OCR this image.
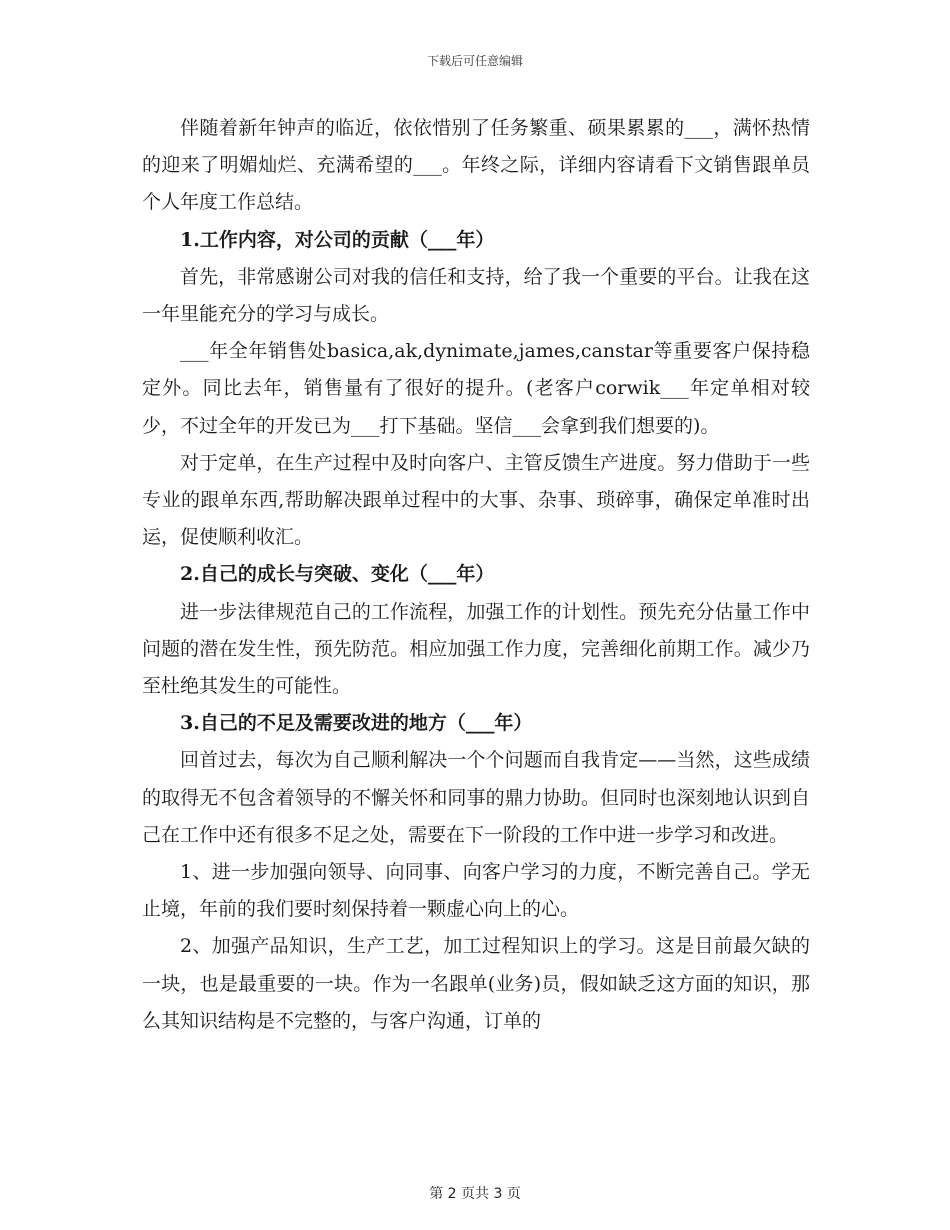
下载后可任意编辑

伴随着新年钟声的临近，依依惜别了任务繁重、硕果累累的___，满怀热情的迎来了明媚灿烂、充满希望的___。年终之际，详细内容请看下文销售跟单员个人年度工作总结。

1.工作内容，对公司的贡献（___年）

首先，非常感谢公司对我的信任和支持，给了我一个重要的平台。让我在这一年里能充分的学习与成长。

___年全年销售处basica,ak,dynimate,james,canstar等重要客户保持稳定外。同比去年，销售量有了很好的提升。(老客户corwik___年定单相对较少，不过全年的开发已为___打下基础。坚信___会拿到我们想要的)。

对于定单，在生产过程中及时向客户、主管反馈生产进度。努力借助于一些专业的跟单东西,帮助解决跟单过程中的大事、杂事、琐碎事，确保定单准时出运，促使顺利收汇。

2.自己的成长与突破、变化（___年）

进一步法律规范自己的工作流程，加强工作的计划性。预先充分估量工作中问题的潜在发生性，预先防范。相应加强工作力度，完善细化前期工作。减少乃至杜绝其发生的可能性。

3.自己的不足及需要改进的地方（___年）

回首过去，每次为自己顺利解决一个个问题而自我肯定——当然，这些成绩的取得无不包含着领导的不懈关怀和同事的鼎力协助。但同时也深刻地认识到自己在工作中还有很多不足之处，需要在下一阶段的工作中进一步学习和改进。

1、进一步加强向领导、向同事、向客户学习的力度，不断完善自己。学无止境，年前的我们要时刻保持着一颗虚心向上的心。

2、加强产品知识，生产工艺，加工过程知识上的学习。这是目前最欠缺的一块，也是最重要的一块。作为一名跟单(业务)员，假如缺乏这方面的知识，那么其知识结构是不完整的，与客户沟通，订单的

第 2 页共 3 页
